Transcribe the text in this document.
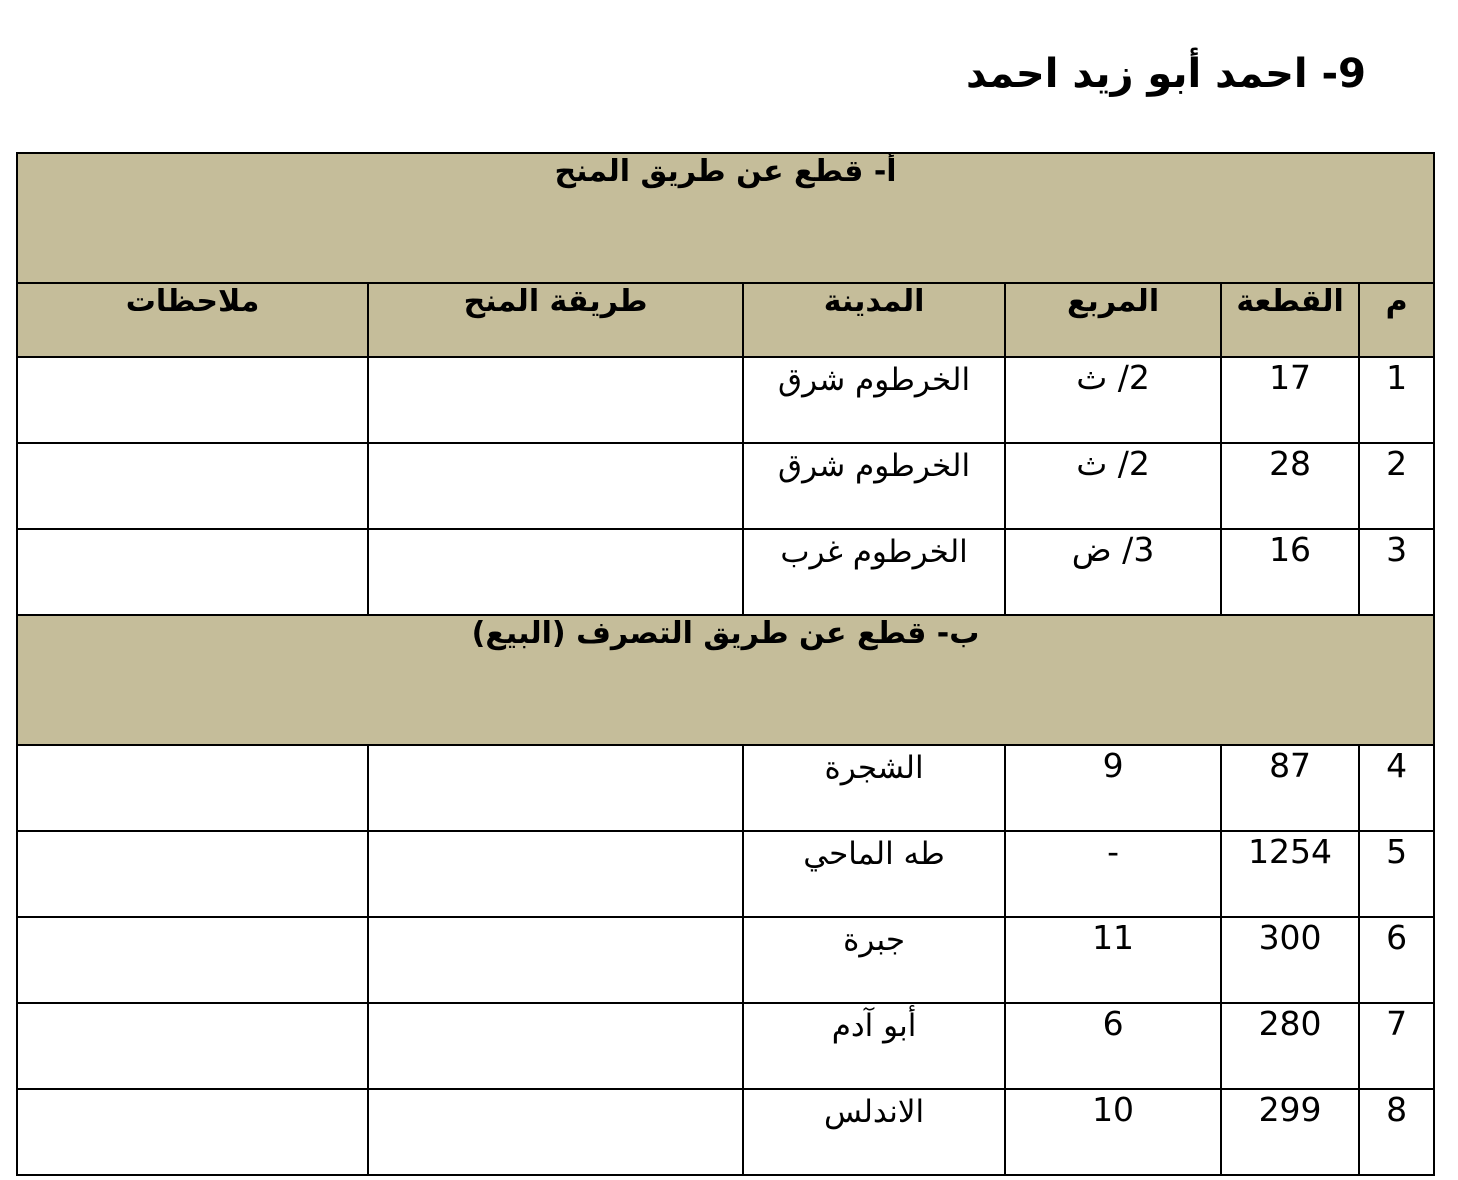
9- احمد أبو زيد احمد
أ- قطع عن طريق المنح					
م	القطعة	المربع	المدينة	طريقة المنح	ملاحظات
1	17	2/ ث	الخرطوم شرق		
2	28	2/ ث	الخرطوم شرق		
3	16	3/ ض	الخرطوم غرب		
ب- قطع عن طريق التصرف (البيع)					
4	87	9	الشجرة		
5	1254	-	طه الماحي		
6	300	11	جبرة		
7	280	6	أبو آدم		
8	299	10	الاندلس		
